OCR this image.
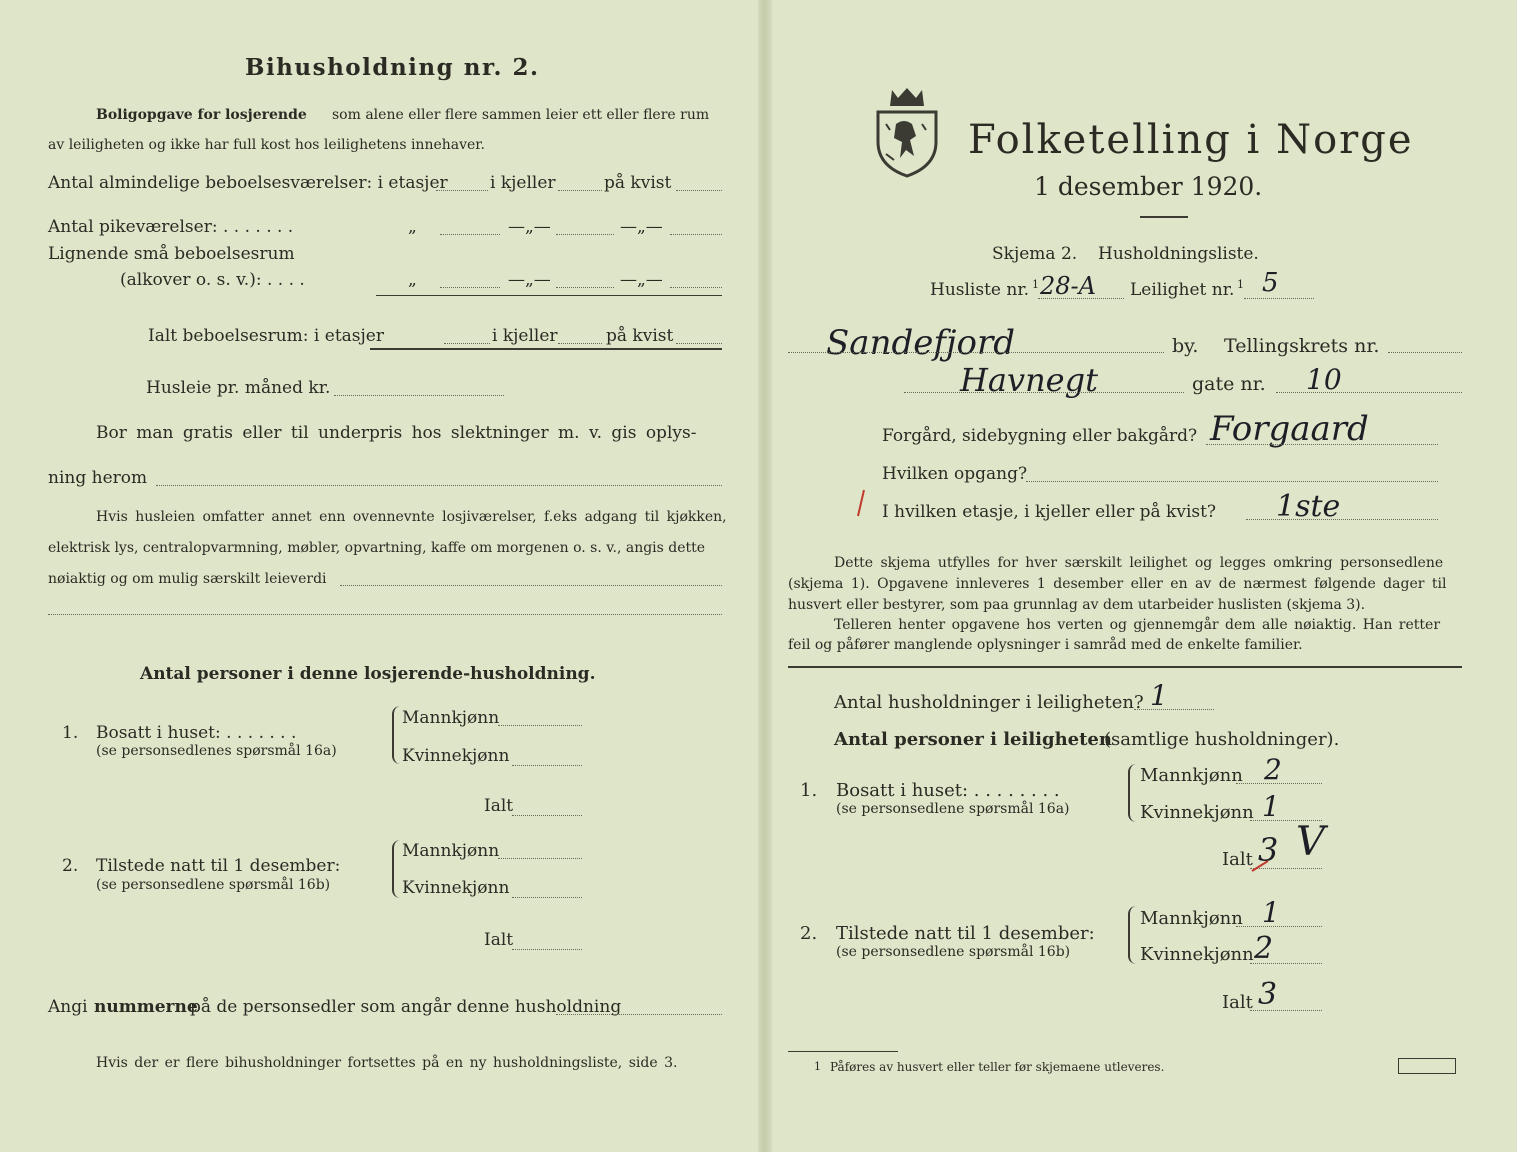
Bihusholdning nr. 2.
Boligopgave for losjerende som alene eller flere sammen leier ett eller flere rum
av leiligheten og ikke har full kost hos leilighetens innehaver.
Antal almindelige beboelsesværelser: i etasjer i kjeller	på kvist
Antal pikeværelser: . . . . . . .	„	—„—	—„—
Lignende små beboelsesrum
(alkover o. s. v.): . . . .	„	—„—	—„—
Ialt beboelsesrum: i etasjer	i kjeller	på kvist
Husleie pr. måned kr.
Bor man gratis eller til underpris hos slektninger m. v. gis oplys-
ning herom
Hvis husleien omfatter annet enn ovennevnte losjiværelser, f.eks adgang til kjøkken,
elektrisk lys, centralopvarmning, møbler, opvartning, kaffe om morgenen o. s. v., angis dette
nøiaktig og om mulig særskilt leieverdi
Antal personer i denne losjerende-husholdning.
1. Bosatt i huset: . . . . . . .
(se personsedlenes spørsmål 16a)
Mannkjønn
Kvinnekjønn
Ialt
2. Tilstede natt til 1 desember:
(se personsedlene spørsmål 16b)
Mannkjønn
Kvinnekjønn
Ialt
Angi nummerne
på de personsedler som angår denne husholdning
Hvis der er flere bihusholdninger fortsettes på en ny husholdningsliste, side 3.
Folketelling i Norge
1 desember 1920.
Skjema 2. Husholdningsliste.
Husliste nr. 1 28-A Leilighet nr. 1 5
Sandefjord	by. Tellingskrets nr.
Havnegt	gate nr. 10
Forgård, sidebygning eller bakgård? Forgaard
Hvilken opgang?
I hvilken etasje, i kjeller eller på kvist? 1ste
Dette skjema utfylles for hver særskilt leilighet og legges omkring personsedlene
(skjema 1). Opgavene innleveres 1 desember eller en av de nærmest følgende dager til
husvert eller bestyrer, som paa grunnlag av dem utarbeider huslisten (skjema 3).
Telleren henter opgavene hos verten og gjennemgår dem alle nøiaktig. Han retter
feil og påfører manglende oplysninger i samråd med de enkelte familier.
Antal husholdninger i leiligheten? 1
Antal personer i leiligheten
(samtlige husholdninger).
1. Bosatt i huset: . . . . . . . .
(se personsedlene spørsmål 16a)
Mannkjønn 2
Kvinnekjønn 1
Ialt 3 V
2. Tilstede natt til 1 desember:
(se personsedlene spørsmål 16b)
Mannkjønn 1
Kvinnekjønn 2
Ialt 3
1 Påføres av husvert eller teller før skjemaene utleveres.
